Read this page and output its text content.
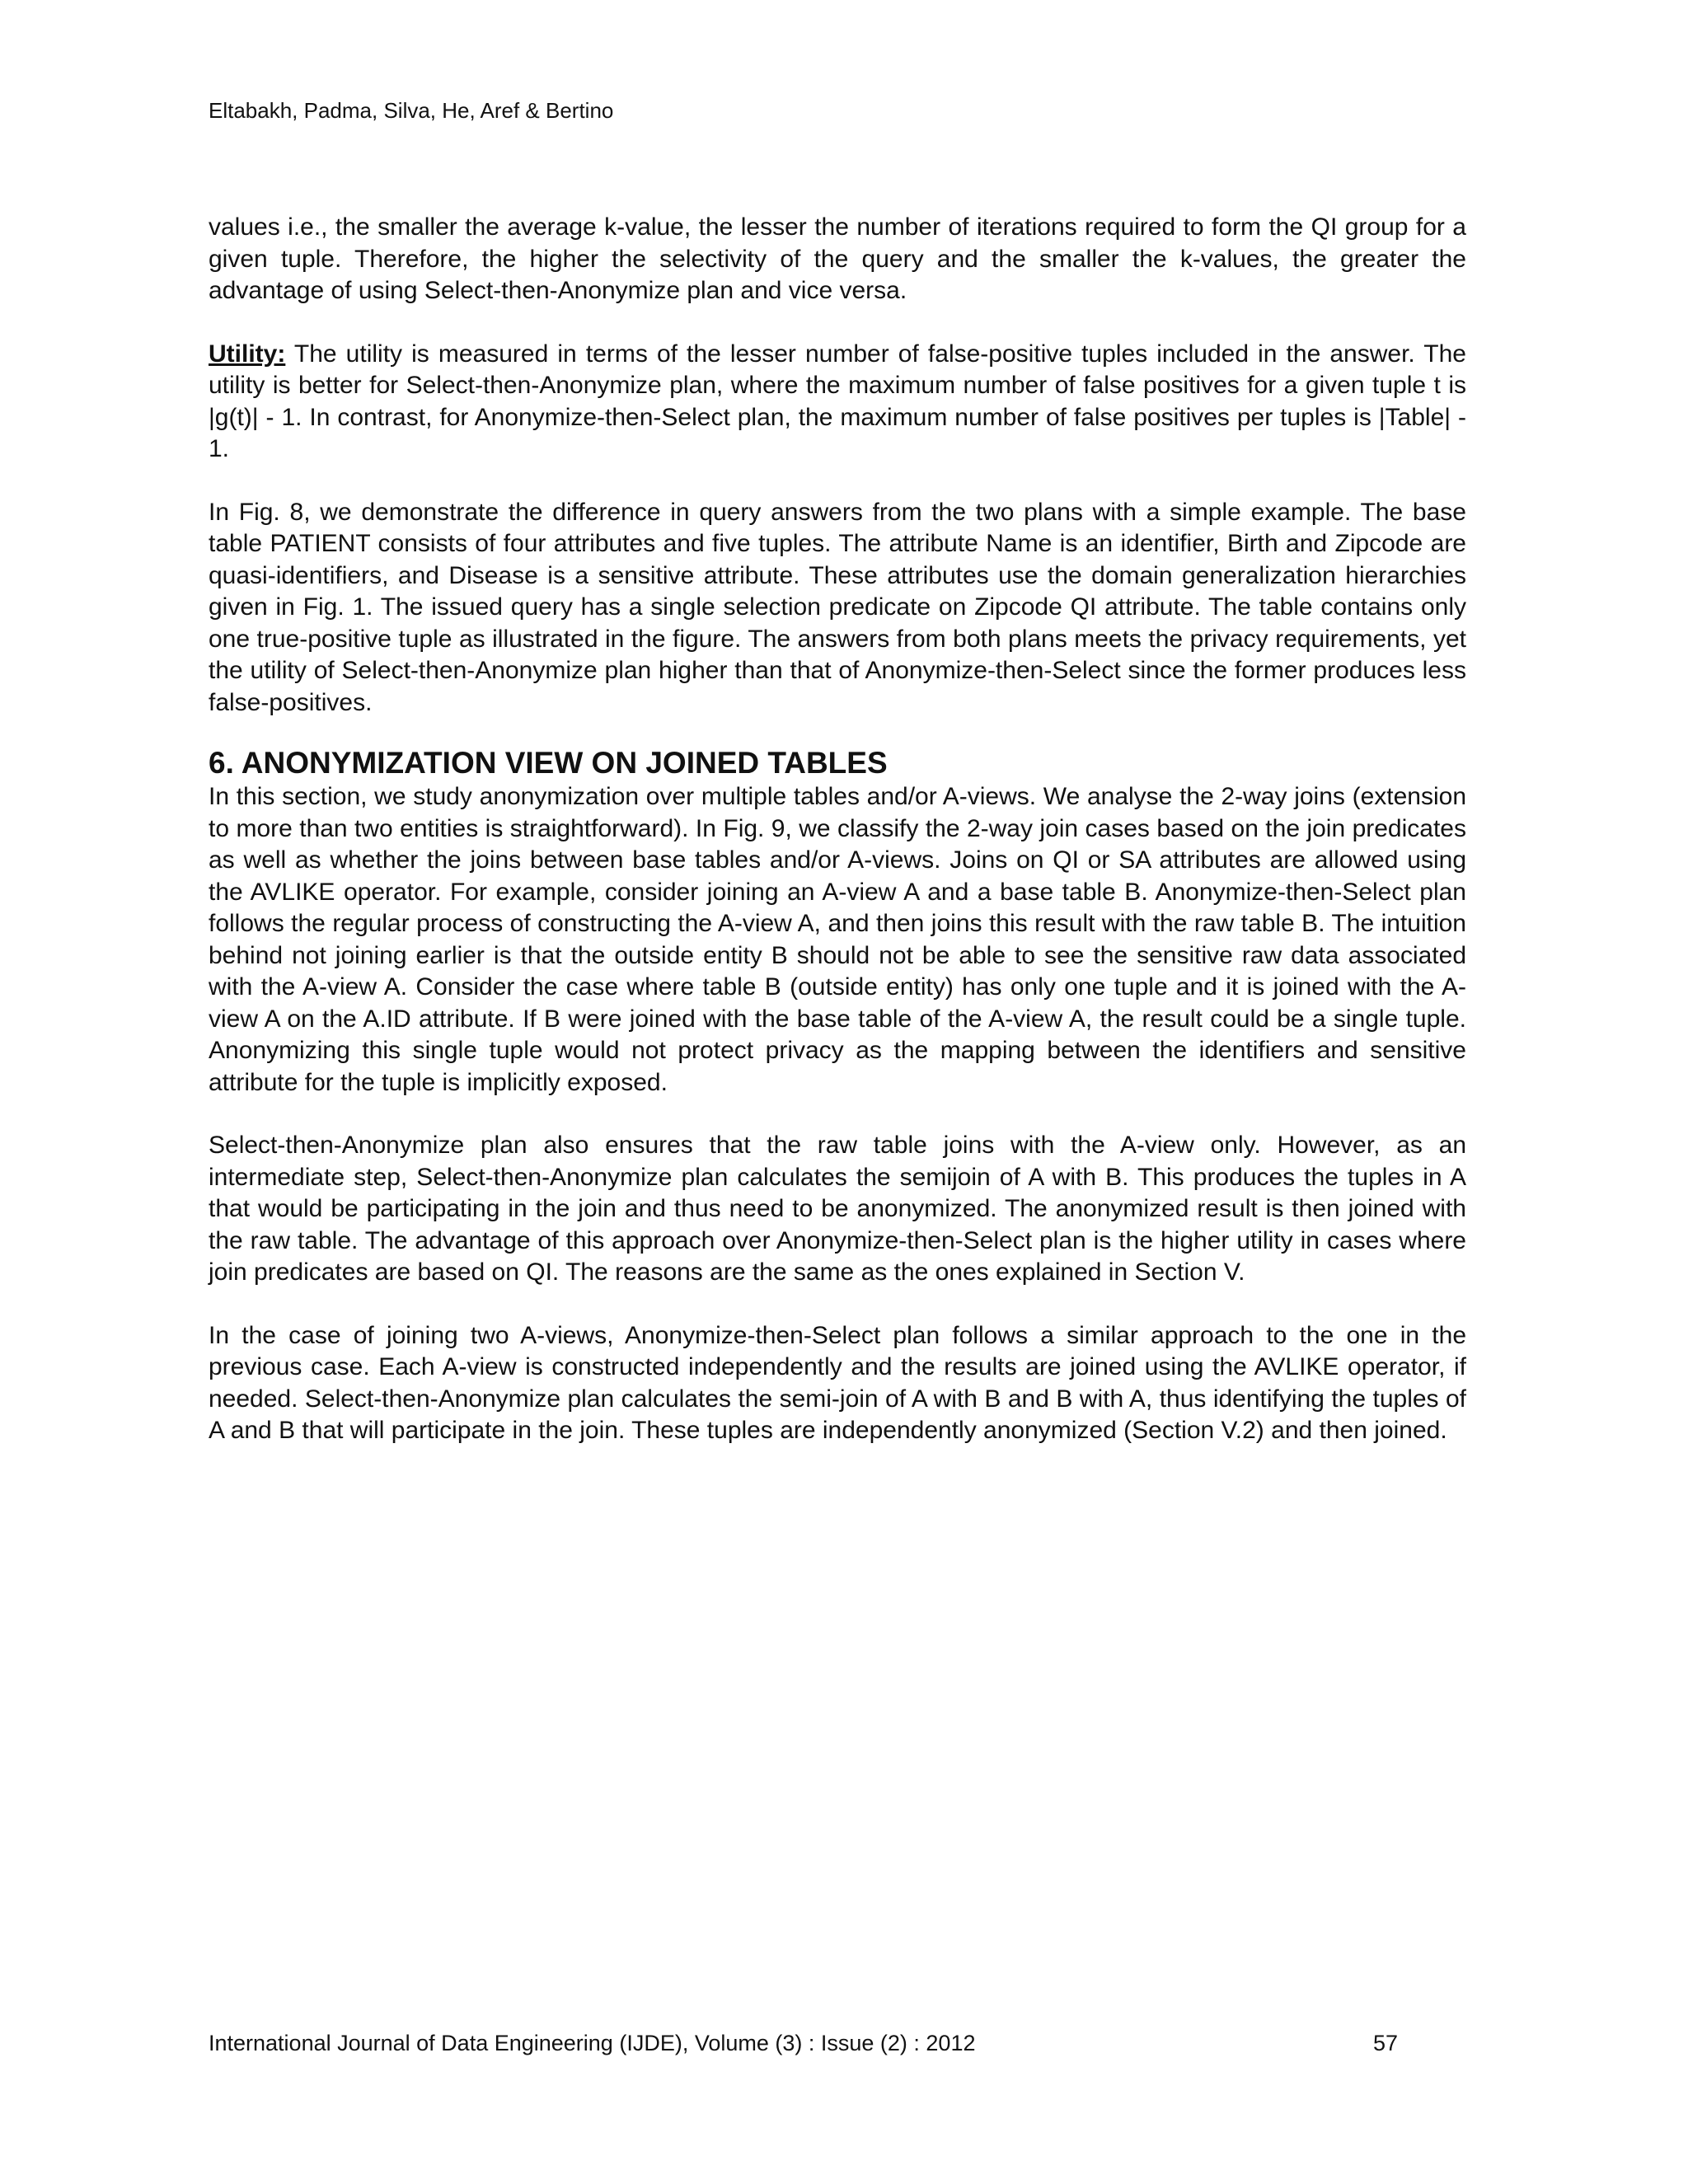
Eltabakh, Padma, Silva, He, Aref & Bertino

values i.e., the smaller the average k-value, the lesser the number of iterations required to form the QI group for a given tuple. Therefore, the higher the selectivity of the query and the smaller the k-values, the greater the advantage of using Select-then-Anonymize plan and vice versa.

Utility: The utility is measured in terms of the lesser number of false-positive tuples included in the answer. The utility is better for Select-then-Anonymize plan, where the maximum number of false positives for a given tuple t is |g(t)| - 1. In contrast, for Anonymize-then-Select plan, the maximum number of false positives per tuples is |Table| - 1.

In Fig. 8, we demonstrate the difference in query answers from the two plans with a simple example. The base table PATIENT consists of four attributes and five tuples. The attribute Name is an identifier, Birth and Zipcode are quasi-identifiers, and Disease is a sensitive attribute. These attributes use the domain generalization hierarchies given in Fig. 1. The issued query has a single selection predicate on Zipcode QI attribute. The table contains only one true-positive tuple as illustrated in the figure. The answers from both plans meets the privacy requirements, yet the utility of Select-then-Anonymize plan higher than that of Anonymize-then-Select since the former produces less false-positives.

6. ANONYMIZATION VIEW ON JOINED TABLES

In this section, we study anonymization over multiple tables and/or A-views. We analyse the 2-way joins (extension to more than two entities is straightforward). In Fig. 9, we classify the 2-way join cases based on the join predicates as well as whether the joins between base tables and/or A-views. Joins on QI or SA attributes are allowed using the AVLIKE operator. For example, consider joining an A-view A and a base table B. Anonymize-then-Select plan follows the regular process of constructing the A-view A, and then joins this result with the raw table B. The intuition behind not joining earlier is that the outside entity B should not be able to see the sensitive raw data associated with the A-view A. Consider the case where table B (outside entity) has only one tuple and it is joined with the A-view A on the A.ID attribute. If B were joined with the base table of the A-view A, the result could be a single tuple. Anonymizing this single tuple would not protect privacy as the mapping between the identifiers and sensitive attribute for the tuple is implicitly exposed.

Select-then-Anonymize plan also ensures that the raw table joins with the A-view only. However, as an intermediate step, Select-then-Anonymize plan calculates the semijoin of A with B. This produces the tuples in A that would be participating in the join and thus need to be anonymized. The anonymized result is then joined with the raw table. The advantage of this approach over Anonymize-then-Select plan is the higher utility in cases where join predicates are based on QI. The reasons are the same as the ones explained in Section V.

In the case of joining two A-views, Anonymize-then-Select plan follows a similar approach to the one in the previous case. Each A-view is constructed independently and the results are joined using the AVLIKE operator, if needed. Select-then-Anonymize plan calculates the semi-join of A with B and B with A, thus identifying the tuples of A and B that will participate in the join. These tuples are independently anonymized (Section V.2) and then joined.

International Journal of Data Engineering (IJDE), Volume (3) : Issue (2) : 2012	57
